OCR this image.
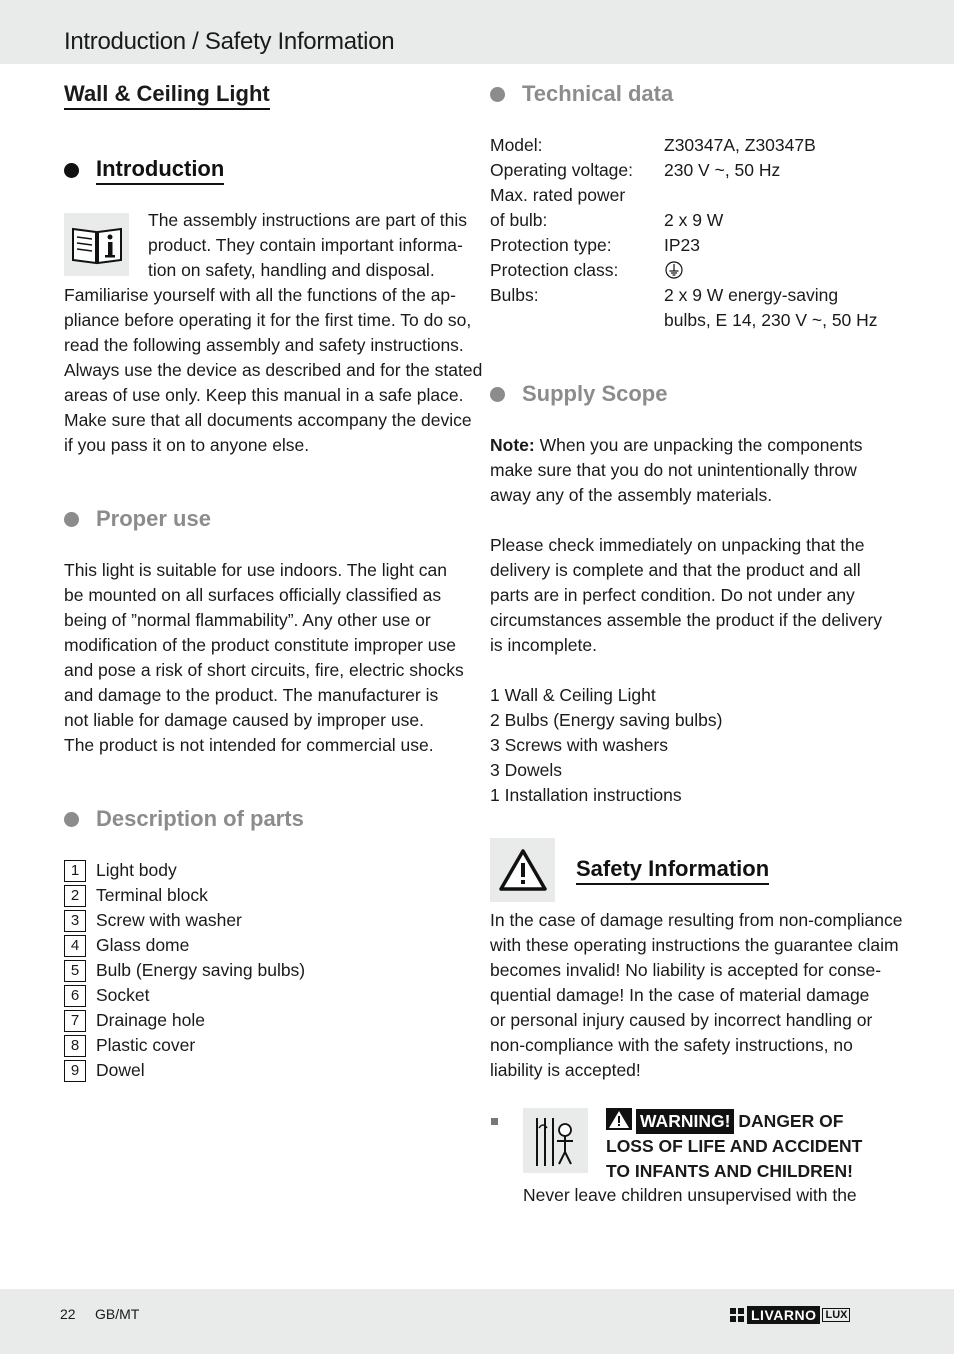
Introduction / Safety Information
Wall & Ceiling Light
Introduction

The assembly instructions are part of this

product. They contain important informa-

tion on safety, handling and disposal.

Familiarise yourself with all the functions of the ap-

pliance before operating it for the first time. To do so,

read the following assembly and safety instructions.

Always use the device as described and for the stated

areas of use only. Keep this manual in a safe place.

Make sure that all documents accompany the device

if you pass it on to anyone else.

Proper use

This light is suitable for use indoors. The light can

be mounted on all surfaces officially classified as

being of ”normal flammability”. Any other use or

modification of the product constitute improper use

and pose a risk of short circuits, fire, electric shocks

and damage to the product. The manufacturer is

not liable for damage caused by improper use.

The product is not intended for commercial use.

Description of parts
1 Light body
2 Terminal block
3 Screw with washer
4 Glass dome
5 Bulb (Energy saving bulbs)
6 Socket
7 Drainage hole
8 Plastic cover
9 Dowel
Technical data
Model:	Z30347A, Z30347B
Operating voltage:	230 V ~, 50 Hz
Max. rated power
of bulb:	2 x 9 W
Protection type:	IP23
Protection class:
Bulbs:	2 x 9 W energy-saving
bulbs, E 14, 230 V ~, 50 Hz
Supply Scope

Note: When you are unpacking the components

make sure that you do not unintentionally throw

away any of the assembly materials.

Please check immediately on unpacking that the

delivery is complete and that the product and all

parts are in perfect condition. Do not under any

circumstances assemble the product if the delivery

is incomplete.

1 Wall & Ceiling Light

2 Bulbs (Energy saving bulbs)

3 Screws with washers

3 Dowels

1 Installation instructions

Safety Information

In the case of damage resulting from non-compliance

with these operating instructions the guarantee claim

becomes invalid! No liability is accepted for conse-

quential damage! In the case of material damage

or personal injury caused by incorrect handling or

non-compliance with the safety instructions, no

liability is accepted!

WARNING! DANGER OF

LOSS OF LIFE AND ACCIDENT

TO INFANTS AND CHILDREN!

Never leave children unsupervised with the

22 GB/MT	LIVARNO LUX
